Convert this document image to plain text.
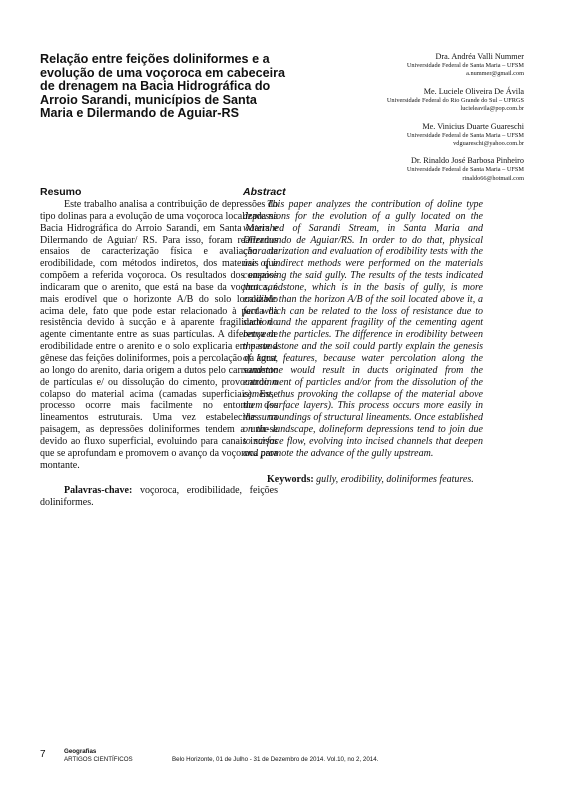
Relação entre feições doliniformes e a evolução de uma voçoroca em cabeceira de drenagem na Bacia Hidrográfica do Arroio Sarandi, municípios de Santa Maria e Dilermando de Aguiar-RS
Dra. Andréa Valli Nummer
Universidade Federal de Santa Maria – UFSM
a.nummer@gmail.com
Me. Luciele Oliveira De Ávila
Universidade Federal do Rio Grande do Sul – UFRGS
lucieleavila@pop.com.br
Me. Vinicius Duarte Guareschi
Universidade Federal de Santa Maria – UFSM
vdguareschi@yahoo.com.br
Dr. Rinaldo José Barbosa Pinheiro
Universidade Federal de Santa Maria – UFSM
rinaldo66@hotmail.com
Resumo

Este trabalho analisa a contribuição de depressões do tipo dolinas para a evolução de uma voçoroca localizada na Bacia Hidrográfica do Arroio Sarandi, em Santa Maria e Dilermando de Aguiar/ RS. Para isso, foram realizados ensaios de caracterização física e avaliação da erodibilidade, com métodos indiretos, dos materiais que compõem a referida voçoroca. Os resultados dos ensaios indicaram que o arenito, que está na base da voçoroca, é mais erodível que o horizonte A/B do solo localizado acima dele, fato que pode estar relacionado à perda da resistência devido à sucção e à aparente fragilidade do agente cimentante entre as suas partículas. A diferença de erodibilidade entre o arenito e o solo explicaria em parte a gênese das feições doliniformes, pois a percolação da água, ao longo do arenito, daria origem a dutos pelo carreamento de partículas e/ ou dissolução do cimento, provocando o colapso do material acima (camadas superficiais). Esse processo ocorre mais facilmente no entorno dos lineamentos estruturais. Uma vez estabelecidas na paisagem, as depressões doliniformes tendem a unir-se devido ao fluxo superficial, evoluindo para canais incisos que se aprofundam e promovem o avanço da voçoroca para montante.

Palavras-chave: voçoroca, erodibilidade, feições doliniformes.

Abstract

This paper analyzes the contribution of doline type depressions for the evolution of a gully located on the watershed of Sarandi Stream, in Santa Maria and Dilermando de Aguiar/RS. In order to do that, physical characterization and evaluation of erodibility tests with the use of indirect methods were performed on the materials composing the said gully. The results of the tests indicated that sandstone, which is in the basis of gully, is more erodible than the horizon A/B of the soil located above it, a fact which can be related to the loss of resistance due to suction and the apparent fragility of the cementing agent between the particles. The difference in erodibility between the sandstone and the soil could partly explain the genesis of karst features, because water percolation along the sandstone would result in ducts originated from the entrainment of particles and/or from the dissolution of the cement, thus provoking the collapse of the material above them (surface layers). This process occurs more easily in the surroundings of structural lineaments. Once established on the landscape, dolineform depressions tend to join due to surface flow, evolving into incised channels that deepen and promote the advance of the gully upstream.

Keywords: gully, erodibility, doliniformes features.

7	Geografias
ARTIGOS CIENTÍFICOS	Belo Horizonte, 01 de Julho - 31 de Dezembro de 2014. Vol.10, no 2, 2014.
